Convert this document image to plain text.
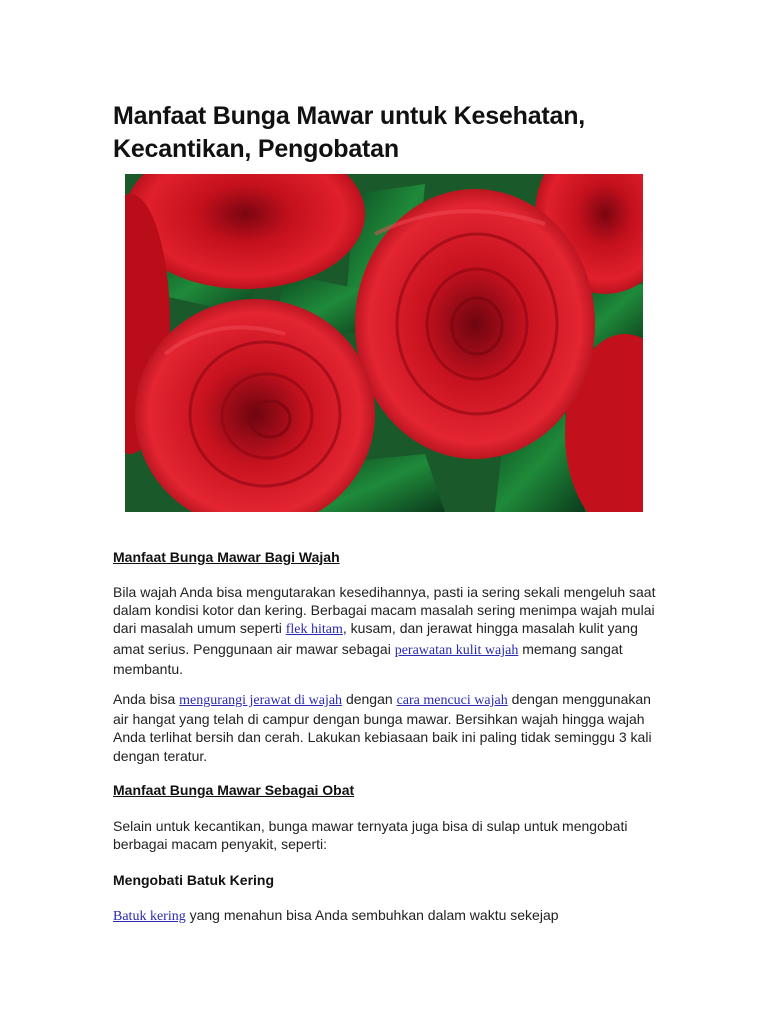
Manfaat Bunga Mawar untuk Kesehatan, Kecantikan, Pengobatan
Manfaat Bunga Mawar Bagi Wajah

Bila wajah Anda bisa mengutarakan kesedihannya, pasti ia sering sekali mengeluh saat dalam kondisi kotor dan kering. Berbagai macam masalah sering menimpa wajah mulai dari masalah umum seperti flek hitam, kusam, dan jerawat hingga masalah kulit yang amat serius. Penggunaan air mawar sebagai perawatan kulit wajah memang sangat membantu.

Anda bisa mengurangi jerawat di wajah dengan cara mencuci wajah dengan menggunakan air hangat yang telah di campur dengan bunga mawar. Bersihkan wajah hingga wajah Anda terlihat bersih dan cerah. Lakukan kebiasaan baik ini paling tidak seminggu 3 kali dengan teratur.

Manfaat Bunga Mawar Sebagai Obat

Selain untuk kecantikan, bunga mawar ternyata juga bisa di sulap untuk mengobati berbagai macam penyakit, seperti:

Mengobati Batuk Kering

Batuk kering yang menahun bisa Anda sembuhkan dalam waktu sekejap
